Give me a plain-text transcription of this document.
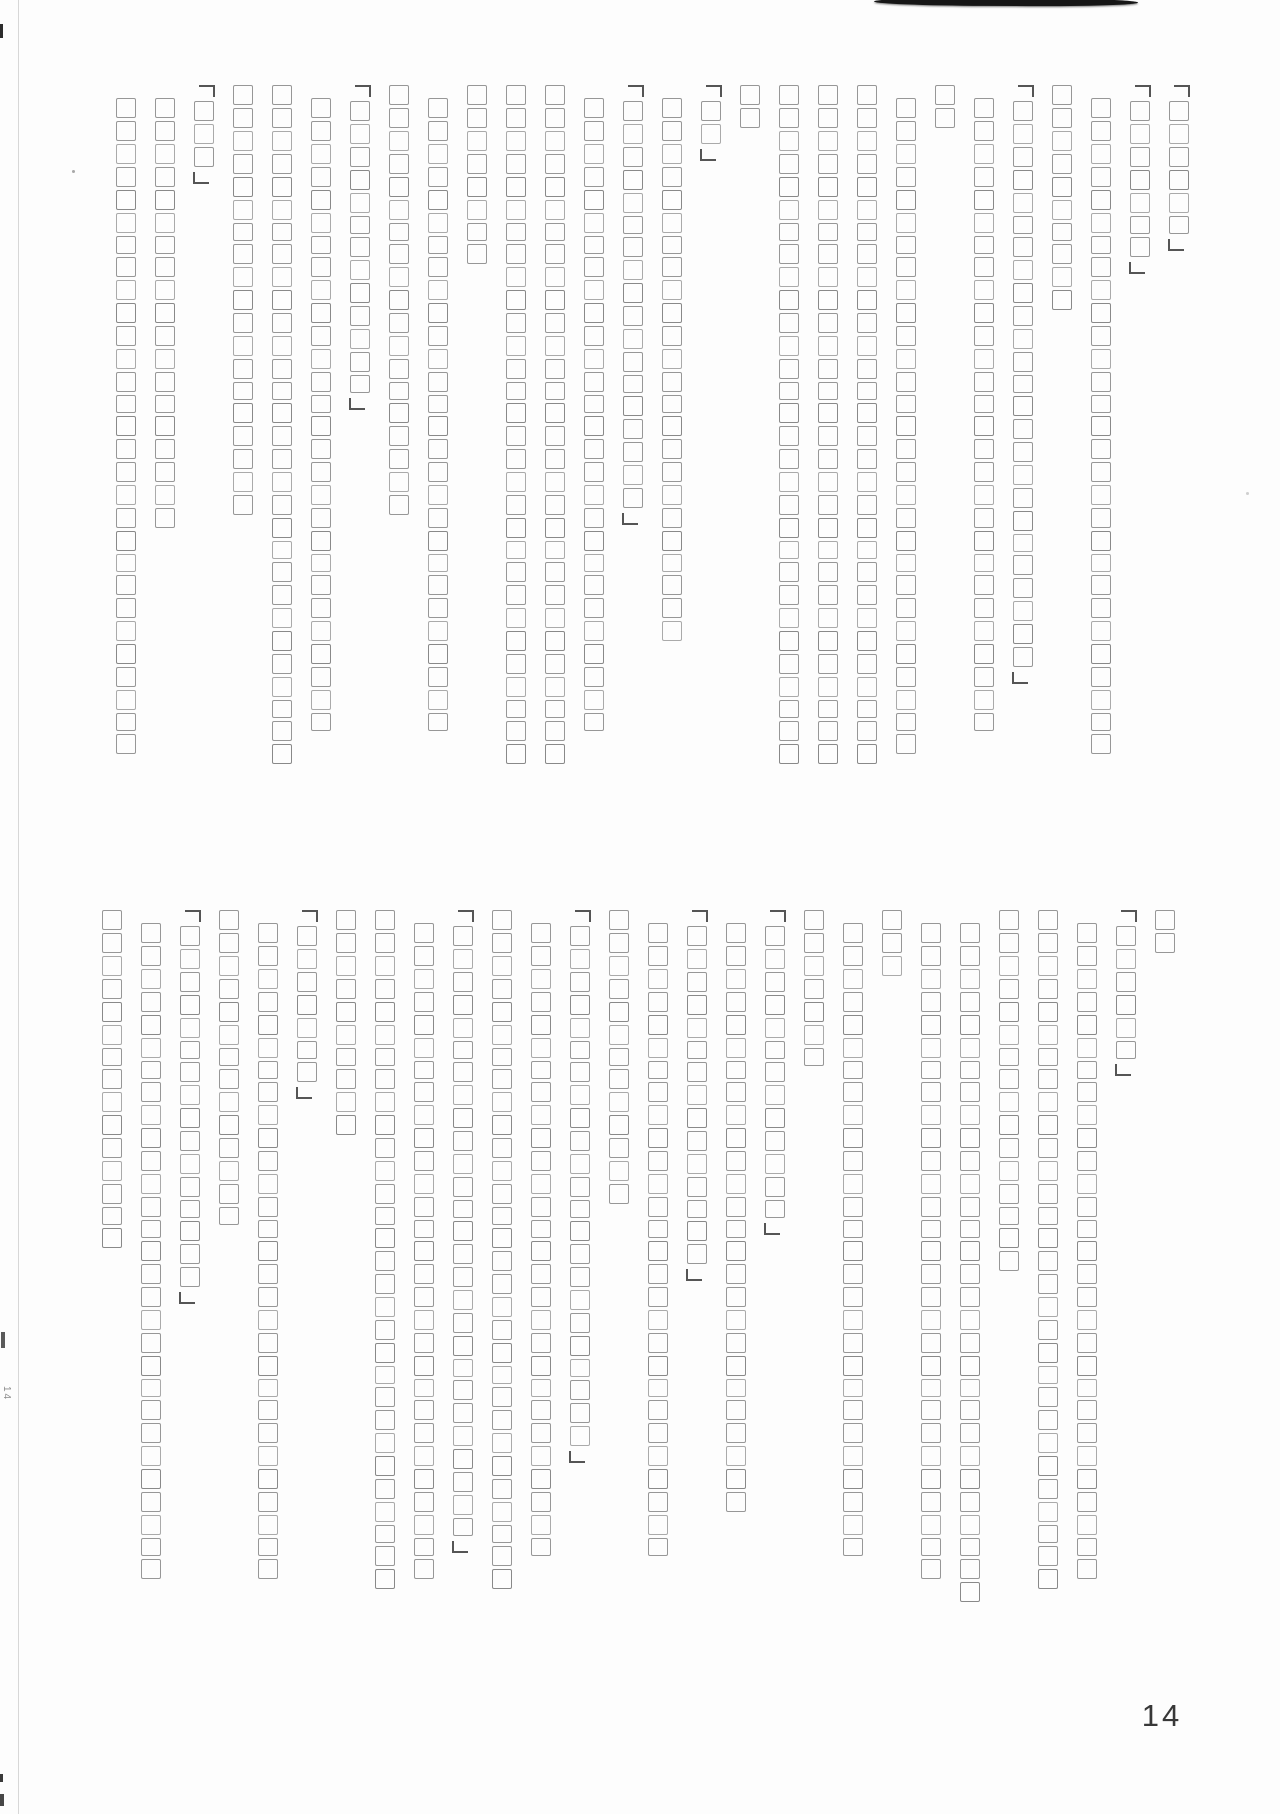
14
14
